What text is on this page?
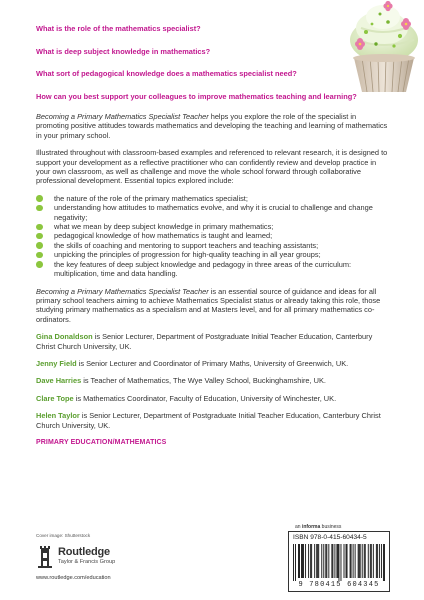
What is the role of the mathematics specialist?
What is deep subject knowledge in mathematics?
What sort of pedagogical knowledge does a mathematics specialist need?
How can you best support your colleagues to improve mathematics teaching and learning?

Becoming a Primary Mathematics Specialist Teacher helps you explore the role of the specialist in promoting positive attitudes towards mathematics and developing the teaching and learning of mathematics in your primary school.

Illustrated throughout with classroom-based examples and referenced to relevant research, it is designed to support your development as a reflective practitioner who can confidently review and develop practice in your own classroom, as well as challenge and move the whole school forward through collaborative professional development. Essential topics explored include:

the nature of the role of the primary mathematics specialist;
understanding how attitudes to mathematics evolve, and why it is crucial to challenge and change negativity;
what we mean by deep subject knowledge in primary mathematics;
pedagogical knowledge of how mathematics is taught and learned;
the skills of coaching and mentoring to support teachers and teaching assistants;
unpicking the principles of progression for high-quality teaching in all year groups;
the key features of deep subject knowledge and pedagogy in three areas of the curriculum: multiplication, time and data handling.

Becoming a Primary Mathematics Specialist Teacher is an essential source of guidance and ideas for all primary school teachers aiming to achieve Mathematics Specialist status or already taking this role, those studying primary mathematics as a specialism and at Masters level, and for all primary mathematics co-ordinators.

Gina Donaldson is Senior Lecturer, Department of Postgraduate Initial Teacher Education, Canterbury Christ Church University, UK.

Jenny Field is Senior Lecturer and Coordinator of Primary Maths, University of Greenwich, UK.

Dave Harries is Teacher of Mathematics, The Wye Valley School, Buckinghamshire, UK.

Clare Tope is Mathematics Coordinator, Faculty of Education, University of Winchester, UK.

Helen Taylor is Senior Lecturer, Department of Postgraduate Initial Teacher Education, Canterbury Christ Church University, UK.

PRIMARY EDUCATION/MATHEMATICS
Cover image: Shutterstock
Routledge
Taylor & Francis Group
www.routledge.com/education
an informa business
ISBN 978-0-415-60434-5
9 780415 604345
